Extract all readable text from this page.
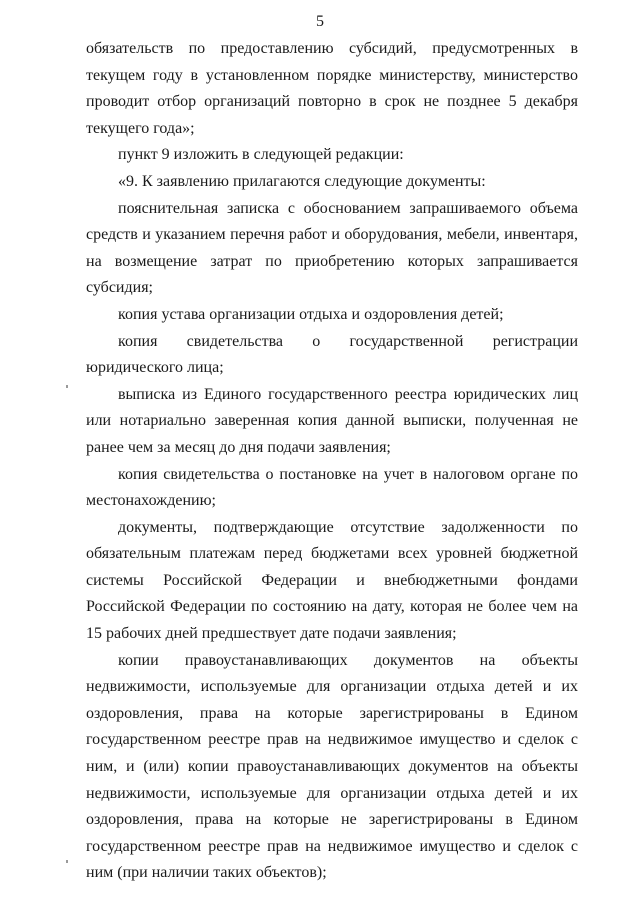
5

обязательств по предоставлению субсидий, предусмотренных в текущем году в установленном порядке министерству, министерство проводит отбор организаций повторно в срок не позднее 5 декабря текущего года»;

пункт 9 изложить в следующей редакции:

«9. К заявлению прилагаются следующие документы:

пояснительная записка с обоснованием запрашиваемого объема средств и указанием перечня работ и оборудования, мебели, инвентаря, на возмещение затрат по приобретению которых запрашивается субсидия;

копия устава организации отдыха и оздоровления детей;

копия свидетельства о государственной регистрации юридического лица;

выписка из Единого государственного реестра юридических лиц или нотариально заверенная копия данной выписки, полученная не ранее чем за месяц до дня подачи заявления;

копия свидетельства о постановке на учет в налоговом органе по местонахождению;

документы, подтверждающие отсутствие задолженности по обязательным платежам перед бюджетами всех уровней бюджетной системы Российской Федерации и внебюджетными фондами Российской Федерации по состоянию на дату, которая не более чем на 15 рабочих дней предшествует дате подачи заявления;

копии правоустанавливающих документов на объекты недвижимости, используемые для организации отдыха детей и их оздоровления, права на которые зарегистрированы в Едином государственном реестре прав на недвижимое имущество и сделок с ним, и (или) копии правоустанавливающих документов на объекты недвижимости, используемые для организации отдыха детей и их оздоровления, права на которые не зарегистрированы в Едином государственном реестре прав на недвижимое имущество и сделок с ним (при наличии таких объектов);
